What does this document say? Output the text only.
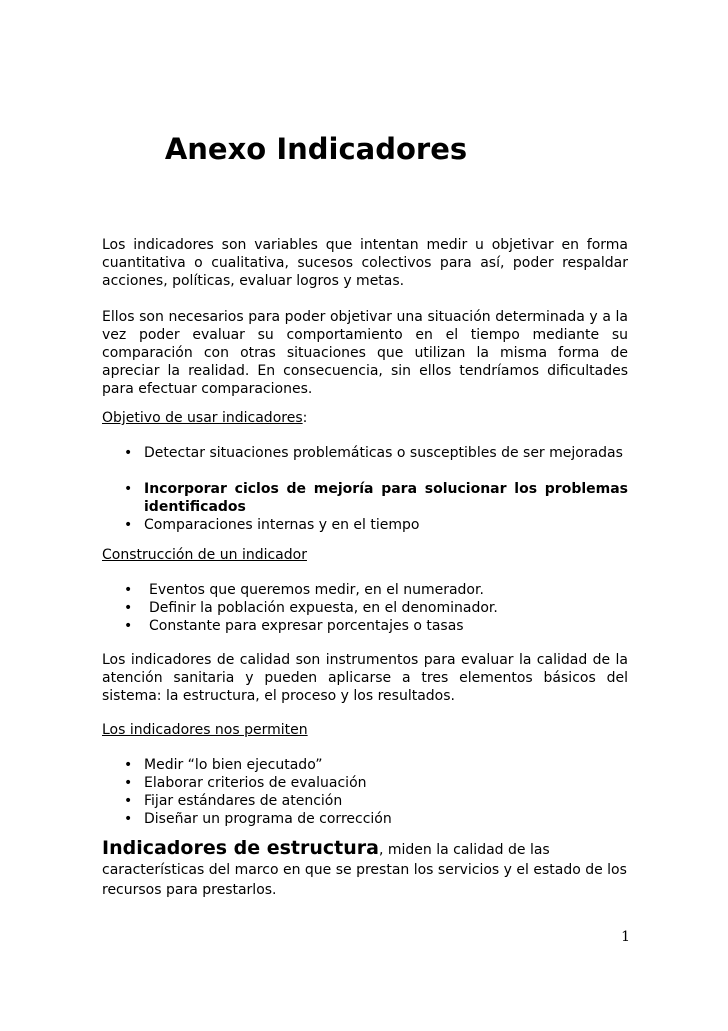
Anexo Indicadores

Los indicadores son variables que intentan medir u objetivar en forma cuantitativa o cualitativa, sucesos colectivos para así, poder respaldar acciones, políticas, evaluar logros y metas.

Ellos son necesarios para poder objetivar una situación determinada y a la vez poder evaluar su comportamiento en el tiempo mediante su comparación con otras situaciones que utilizan la misma forma de apreciar la realidad. En consecuencia, sin ellos tendríamos dificultades para efectuar comparaciones.

Objetivo de usar indicadores:
• Detectar situaciones problemáticas o susceptibles de ser mejoradas

• Incorporar ciclos de mejoría para solucionar los problemas identificados

• Comparaciones internas y en el tiempo

Construcción de un indicador
• Eventos que queremos medir, en el numerador.
• Definir la población expuesta, en el denominador.
• Constante para expresar porcentajes o tasas

Los indicadores de calidad son instrumentos para evaluar la calidad de la atención sanitaria y pueden aplicarse a tres elementos básicos del sistema: la estructura, el proceso y los resultados.

Los indicadores nos permiten
• Medir “lo bien ejecutado”
• Elaborar criterios de evaluación
• Fijar estándares de atención
• Diseñar un programa de corrección

Indicadores de estructura, miden la calidad de las características del marco en que se prestan los servicios y el estado de los recursos para prestarlos.

1
